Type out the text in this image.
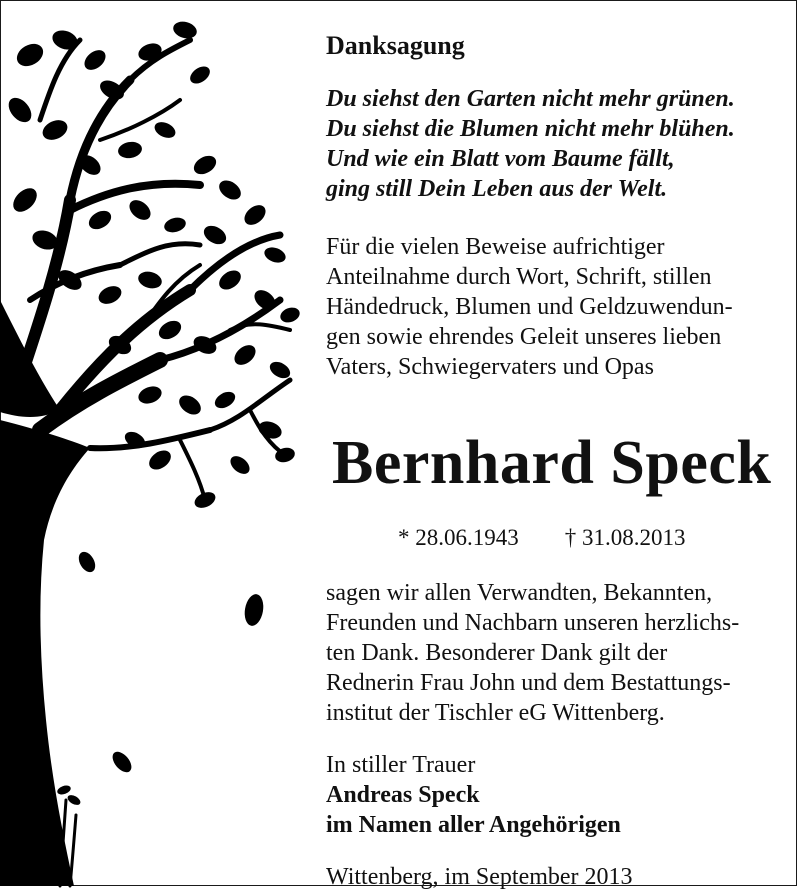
Danksagung

Du siehst den Garten nicht mehr grünen.

Du siehst die Blumen nicht mehr blühen.

Und wie ein Blatt vom Baume fällt,

ging still Dein Leben aus der Welt.

Für die vielen Beweise aufrichtiger

Anteilnahme durch Wort, Schrift, stillen

Händedruck, Blumen und Geldzuwendun-

gen sowie ehrendes Geleit unseres lieben

Vaters, Schwiegervaters und Opas

Bernhard Speck
* 28.06.1943 † 31.08.2013

sagen wir allen Verwandten, Bekannten,

Freunden und Nachbarn unseren herzlichs-

ten Dank. Besonderer Dank gilt der

Rednerin Frau John und dem Bestattungs-

institut der Tischler eG Wittenberg.

In stiller Trauer

Andreas Speck

im Namen aller Angehörigen

Wittenberg, im September 2013
